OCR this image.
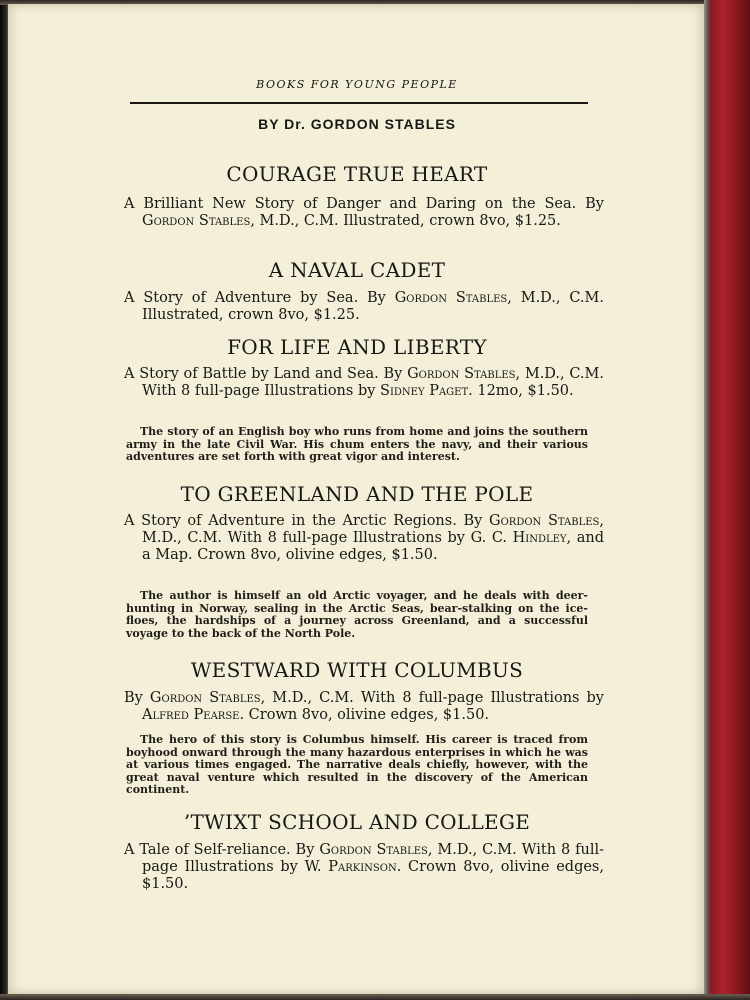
BOOKS FOR YOUNG PEOPLE
BY Dr. GORDON STABLES
COURAGE TRUE HEART
A Brilliant New Story of Danger and Daring on the Sea. By Gordon Stables, M.D., C.M. Illustrated, crown 8vo, $1.25.
A NAVAL CADET
A Story of Adventure by Sea. By Gordon Stables, M.D., C.M. Illustrated, crown 8vo, $1.25.
FOR LIFE AND LIBERTY
A Story of Battle by Land and Sea. By Gordon Stables, M.D., C.M. With 8 full-page Illustrations by Sidney Paget. 12mo, $1.50.
The story of an English boy who runs from home and joins the southern army in the late Civil War. His chum enters the navy, and their various adventures are set forth with great vigor and interest.
TO GREENLAND AND THE POLE
A Story of Adventure in the Arctic Regions. By Gordon Stables, M.D., C.M. With 8 full-page Illustrations by G. C. Hindley, and a Map. Crown 8vo, olivine edges, $1.50.
The author is himself an old Arctic voyager, and he deals with deer-hunting in Norway, sealing in the Arctic Seas, bear-stalking on the ice-floes, the hardships of a journey across Greenland, and a successful voyage to the back of the North Pole.
WESTWARD WITH COLUMBUS
By Gordon Stables, M.D., C.M. With 8 full-page Illustrations by Alfred Pearse. Crown 8vo, olivine edges, $1.50.
The hero of this story is Columbus himself. His career is traced from boyhood onward through the many hazardous enterprises in which he was at various times engaged. The narrative deals chiefly, however, with the great naval venture which resulted in the discovery of the American continent.
’TWIXT SCHOOL AND COLLEGE
A Tale of Self-reliance. By Gordon Stables, M.D., C.M. With 8 full-page Illustrations by W. Parkinson. Crown 8vo, olivine edges, $1.50.
